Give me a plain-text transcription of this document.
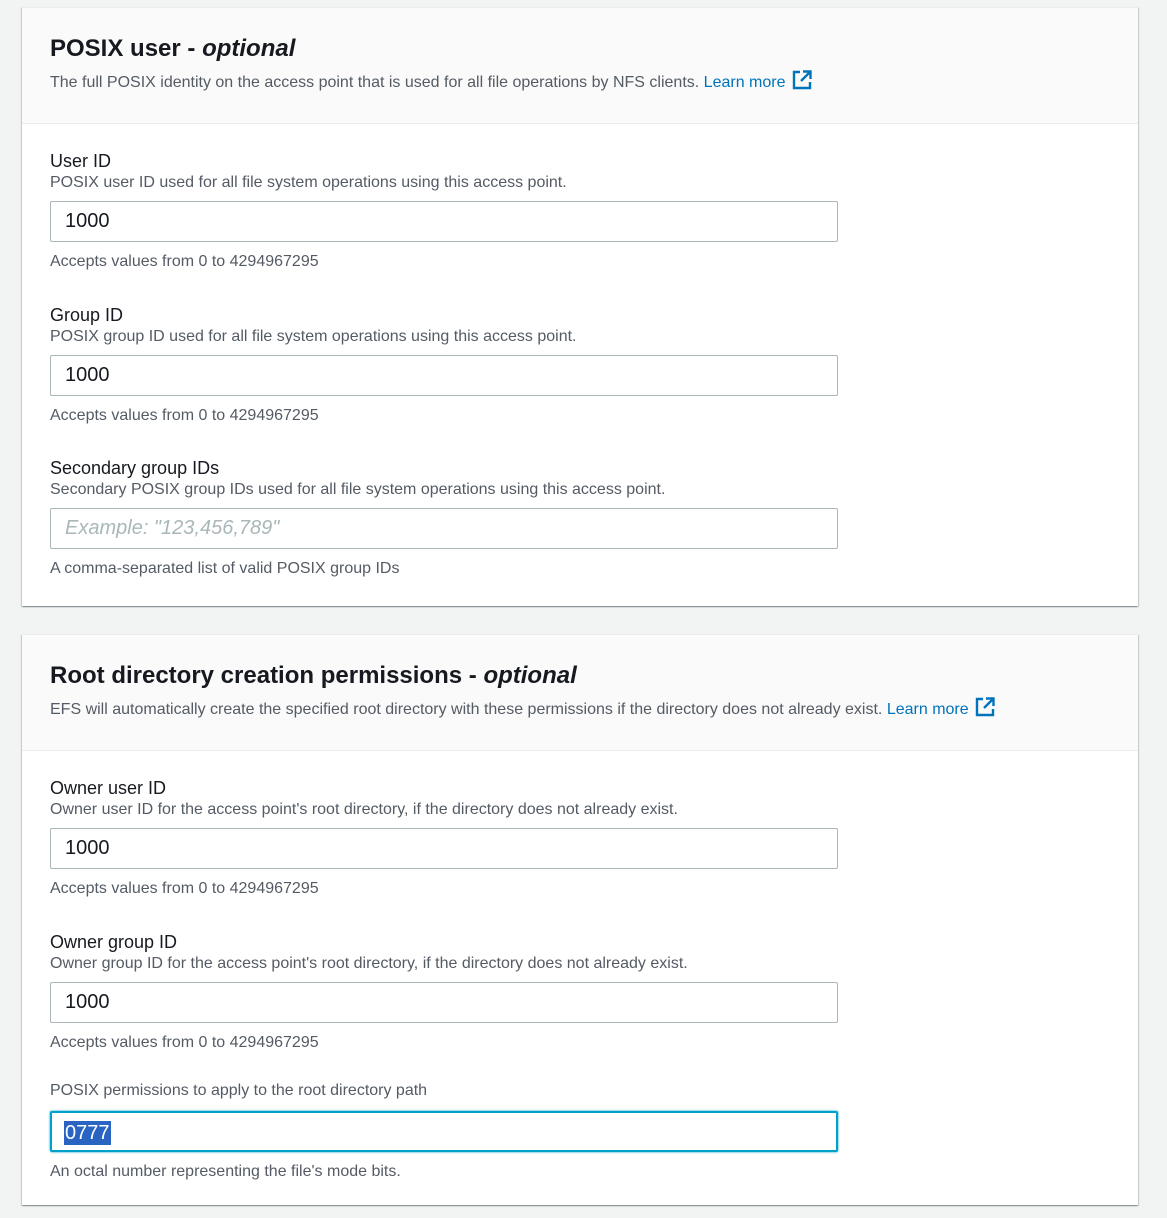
POSIX user - optional
The full POSIX identity on the access point that is used for all file operations by NFS clients. Learn more
User ID
POSIX user ID used for all file system operations using this access point.
1000
Accepts values from 0 to 4294967295
Group ID
POSIX group ID used for all file system operations using this access point.
1000
Accepts values from 0 to 4294967295
Secondary group IDs
Secondary POSIX group IDs used for all file system operations using this access point.
Example: "123,456,789"
A comma-separated list of valid POSIX group IDs
Root directory creation permissions - optional
EFS will automatically create the specified root directory with these permissions if the directory does not already exist. Learn more
Owner user ID
Owner user ID for the access point's root directory, if the directory does not already exist.
1000
Accepts values from 0 to 4294967295
Owner group ID
Owner group ID for the access point's root directory, if the directory does not already exist.
1000
Accepts values from 0 to 4294967295
POSIX permissions to apply to the root directory path
0777
An octal number representing the file's mode bits.
